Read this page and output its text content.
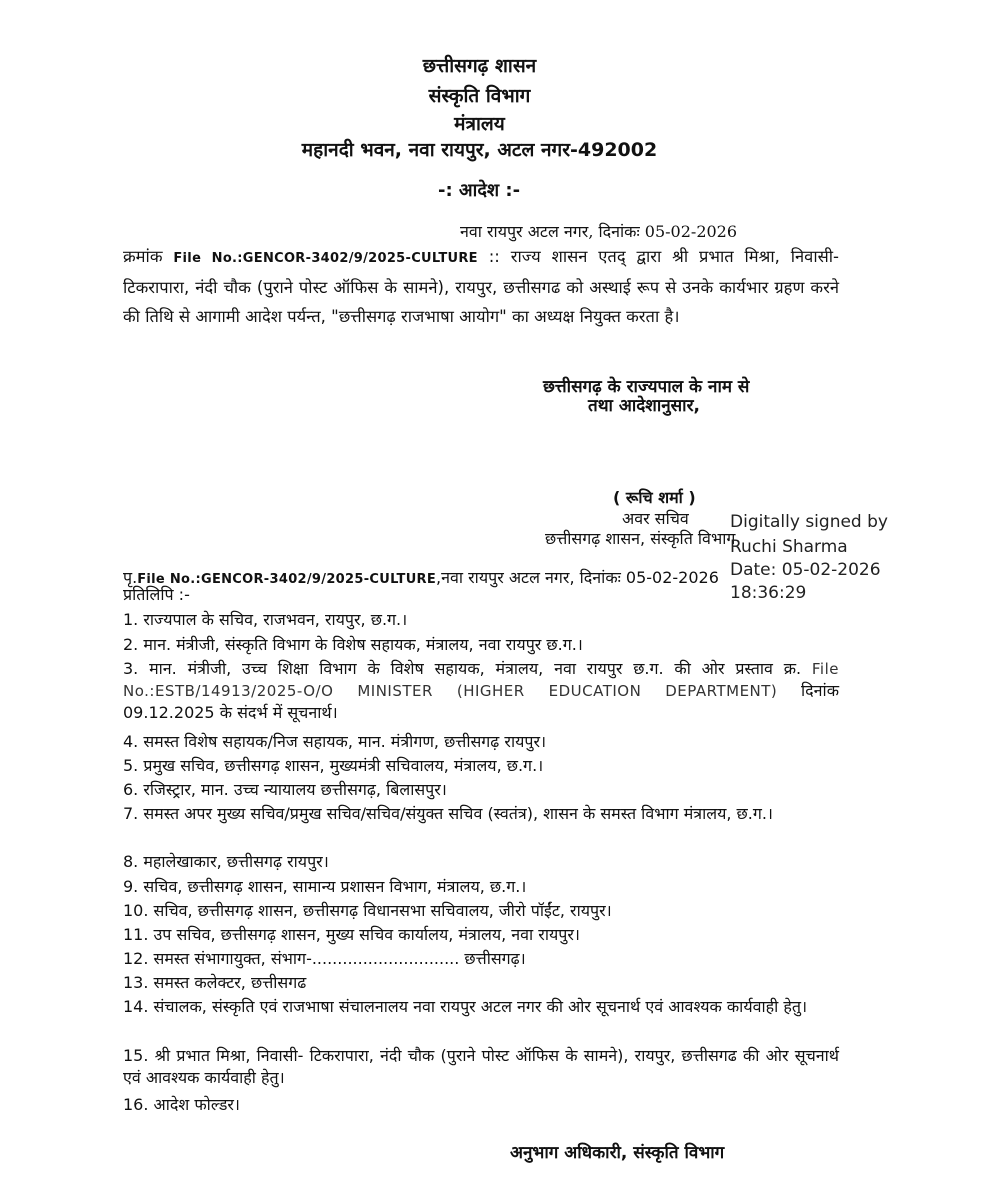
छत्तीसगढ़ शासन
संस्कृति विभाग
मंत्रालय
महानदी भवन, नवा रायपुर, अटल नगर-492002
-: आदेश :-
नवा रायपुर अटल नगर, दिनांकः 05-02-2026
क्रमांक File No.:GENCOR-3402/9/2025-CULTURE :: राज्य शासन एतद् द्वारा श्री प्रभात मिश्रा, निवासी- टिकरापारा, नंदी चौक (पुराने पोस्ट ऑफिस के सामने), रायपुर, छत्तीसगढ को अस्थाई रूप से उनके कार्यभार ग्रहण करने की तिथि से आगामी आदेश पर्यन्त, "छत्तीसगढ़ राजभाषा आयोग" का अध्यक्ष नियुक्त करता है।
छत्तीसगढ़ के राज्यपाल के नाम से
तथा आदेशानुसार,
( रूचि शर्मा )
अवर सचिव
छत्तीसगढ़ शासन, संस्कृति विभाग
Digitally signed by
Ruchi Sharma
Date: 05-02-2026
18:36:29
पृ.File No.:GENCOR-3402/9/2025-CULTURE,नवा रायपुर अटल नगर, दिनांकः 05-02-2026
प्रतिलिपि :-
1. राज्यपाल के सचिव, राजभवन, रायपुर, छ.ग.।
2. मान. मंत्रीजी, संस्कृति विभाग के विशेष सहायक, मंत्रालय, नवा रायपुर छ.ग.।
3. मान. मंत्रीजी, उच्च शिक्षा विभाग के विशेष सहायक, मंत्रालय, नवा रायपुर छ.ग. की ओर प्रस्ताव क्र. File No.:ESTB/14913/2025-O/O MINISTER (HIGHER EDUCATION DEPARTMENT) दिनांक 09.12.2025 के संदर्भ में सूचनार्थ।
4. समस्त विशेष सहायक/निज सहायक, मान. मंत्रीगण, छत्तीसगढ़ रायपुर।
5. प्रमुख सचिव, छत्तीसगढ़ शासन, मुख्यमंत्री सचिवालय, मंत्रालय, छ.ग.।
6. रजिस्ट्रार, मान. उच्च न्यायालय छत्तीसगढ़, बिलासपुर।
7. समस्त अपर मुख्य सचिव/प्रमुख सचिव/सचिव/संयुक्त सचिव (स्वतंत्र), शासन के समस्त विभाग मंत्रालय, छ.ग.।
8. महालेखाकार, छत्तीसगढ़ रायपुर।
9. सचिव, छत्तीसगढ़ शासन, सामान्य प्रशासन विभाग, मंत्रालय, छ.ग.।
10. सचिव, छत्तीसगढ़ शासन, छत्तीसगढ़ विधानसभा सचिवालय, जीरो पॉईंट, रायपुर।
11. उप सचिव, छत्तीसगढ़ शासन, मुख्य सचिव कार्यालय, मंत्रालय, नवा रायपुर।
12. समस्त संभागायुक्त, संभाग-............................. छत्तीसगढ़।
13. समस्त कलेक्टर, छत्तीसगढ
14. संचालक, संस्कृति एवं राजभाषा संचालनालय नवा रायपुर अटल नगर की ओर सूचनार्थ एवं आवश्यक कार्यवाही हेतु।
15. श्री प्रभात मिश्रा, निवासी- टिकरापारा, नंदी चौक (पुराने पोस्ट ऑफिस के सामने), रायपुर, छत्तीसगढ की ओर सूचनार्थ एवं आवश्यक कार्यवाही हेतु।
16. आदेश फोल्डर।
अनुभाग अधिकारी, संस्कृति विभाग
